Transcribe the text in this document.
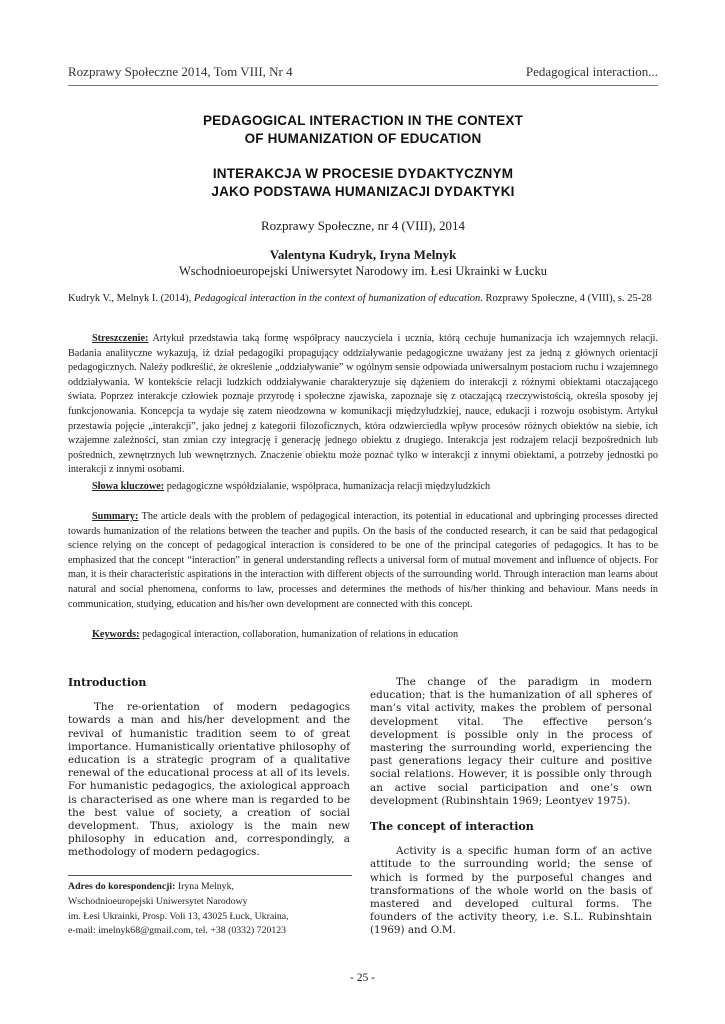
Rozprawy Społeczne 2014, Tom VIII, Nr 4	Pedagogical interaction...
PEDAGOGICAL INTERACTION IN THE CONTEXT
OF HUMANIZATION OF EDUCATION
INTERAKCJA W PROCESIE DYDAKTYCZNYM
JAKO PODSTAWA HUMANIZACJI DYDAKTYKI
Rozprawy Społeczne, nr 4 (VIII), 2014
Valentyna Kudryk, Iryna Melnyk
Wschodnioeuropejski Uniwersytet Narodowy im. Łesi Ukrainki w Łucku
Kudryk V., Melnyk I. (2014), Pedagogical interaction in the context of humanization of education. Rozprawy Społeczne, 4 (VIII), s. 25-28
Streszczenie: Artykuł przedstawia taką formę współpracy nauczyciela i ucznia, którą cechuje humanizacja ich wzajemnych relacji. Badania analityczne wykazują, iż dział pedagogiki propagujący oddziaływanie pedagogiczne uważany jest za jedną z głównych orientacji pedagogicznych. Należy podkreślić, że określenie „oddziaływanie” w ogólnym sensie odpowiada uniwersalnym postaciom ruchu i wzajemnego oddziaływania. W kontekście relacji ludzkich oddziaływanie charakteryzuje się dążeniem do interakcji z różnymi obiektami otaczającego świata. Poprzez interakcje człowiek poznaje przyrodę i społeczne zjawiska, zapoznaje się z otaczającą rzeczywistością, określa sposoby jej funkcjonowania. Koncepcja ta wydaje się zatem nieodzowna w komunikacji międzyludzkiej, nauce, edukacji i rozwoju osobistym. Artykuł przestawia pojęcie „interakcji”, jako jednej z kategorii filozoficznych, która odzwierciedla wpływ procesów różnych obiektów na siebie, ich wzajemne zależności, stan zmian czy integrację i generację jednego obiektu z drugiego. Interakcja jest rodzajem relacji bezpośrednich lub pośrednich, zewnętrznych lub wewnętrznych. Znaczenie obiektu może poznać tylko w interakcji z innymi obiektami, a potrzeby jednostki po interakcji z innymi osobami.
Słowa kluczowe: pedagogiczne współdziałanie, współpraca, humanizacja relacji międzyludzkich
Summary: The article deals with the problem of pedagogical interaction, its potential in educational and upbringing processes directed towards humanization of the relations between the teacher and pupils. On the basis of the conducted research, it can be said that pedagogical science relying on the concept of pedagogical interaction is considered to be one of the principal categories of pedagogics. It has to be emphasized that the concept “interaction” in general understanding reflects a universal form of mutual movement and influence of objects. For man, it is their characteristic aspirations in the interaction with different objects of the surrounding world. Through interaction man learns about natural and social phenomena, conforms to law, processes and determines the methods of his/her thinking and behaviour. Mans needs in communication, studying, education and his/her own development are connected with this concept.
Keywords: pedagogical interaction, collaboration, humanization of relations in education
Introduction

The re-orientation of modern pedagogics towards a man and his/her development and the revival of humanistic tradition seem to of great importance. Humanistically orientative philosophy of education is a strategic program of a qualitative renewal of the educational process at all of its levels. For humanistic pedagogics, the axiological approach is characterised as one where man is regarded to be the best value of society, a creation of social development. Thus, axiology is the main new philosophy in education and, correspondingly, a methodology of modern pedagogics.

The change of the paradigm in modern education; that is the humanization of all spheres of man’s vital activity, makes the problem of personal development vital. The effective person’s development is possible only in the process of mastering the surrounding world, experiencing the past generations legacy their culture and positive social relations. However, it is possible only through an active social participation and one’s own development (Rubinshtain 1969; Leontyev 1975).

The concept of interaction

Activity is a specific human form of an active attitude to the surrounding world; the sense of which is formed by the purposeful changes and transformations of the whole world on the basis of mastered and developed cultural forms. The founders of the activity theory, i.e. S.L. Rubinshtain (1969) and O.M.

Adres do korespondencji: Iryna Melnyk,
Wschodnioeuropejski Uniwersytet Narodowy
im. Łesi Ukrainki, Prosp. Voli 13, 43025 Łuck, Ukraina,
e-mail: imelnyk68@gmail.com, tel. +38 (0332) 720123
- 25 -
